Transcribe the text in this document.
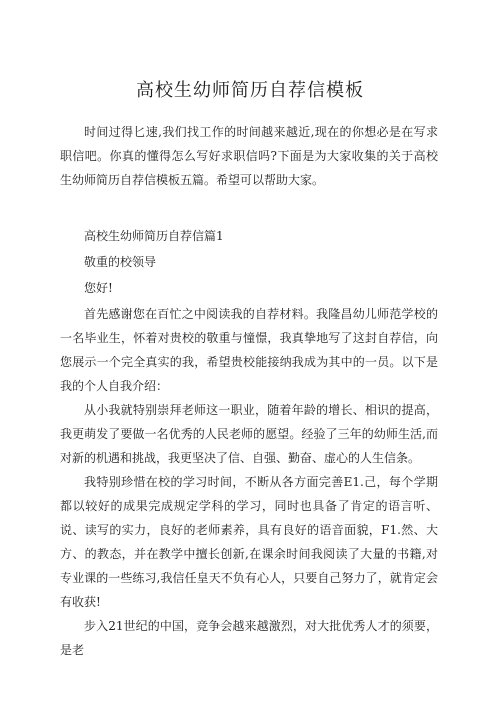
高校生幼师简历自荐信模板

时间过得匕速,我们找工作的时间越来越近,现在的你想必是在写求职信吧。你真的懂得怎么写好求职信吗?下面是为大家收集的关于高校生幼师简历自荐信模板五篇。希望可以帮助大家。

高校生幼师简历自荐信篇1

敬重的校领导

您好!

首先感谢您在百忙之中阅读我的自荐材料。我隆昌幼儿师范学校的一名毕业生，怀着对贵校的敬重与憧憬，我真挚地写了这封自荐信，向您展示一个完全真实的我，希望贵校能接纳我成为其中的一员。以下是我的个人自我介绍：

从小我就特别崇拜老师这一职业，随着年龄的增长、相识的提高，我更萌发了要做一名优秀的人民老师的愿望。经验了三年的幼师生活,而对新的机遇和挑战，我更坚决了信、自强、勤奋、虚心的人生信条。

我特别珍惜在校的学习时间，不断从各方面完善E1.己，每个学期都以较好的成果完成规定学科的学习，同时也具备了肯定的语言听、说、读写的实力，良好的老师素养，具有良好的语音面貌，F1.然、大方、的教态，并在教学中擅长创新,在课余时间我阅读了大量的书籍,对专业课的一些练习,我信任皇天不负有心人，只要自己努力了，就肯定会有收获!

步入21世纪的中国，竞争会越来越激烈，对大批优秀人才的须要，是老
